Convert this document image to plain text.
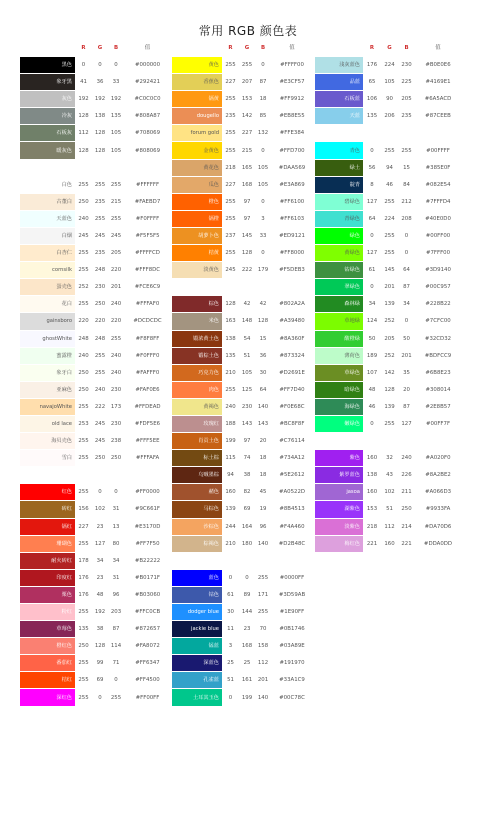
常用 RGB 颜色表
	R	G	B	值
黑色	0	0	0	#000000
象牙黑	41	36	33	#292421
灰色	192	192	192	#C0C0C0
冷灰	128	138	135	#808A87
石板灰	112	128	105	#708069
暖灰色	128	128	105	#808069

白色	255	255	255	#FFFFFF
古董白	250	235	215	#FAEBD7
天蓝色	240	255	255	#F0FFFF
白烟	245	245	245	#F5F5F5
白杏仁	255	235	205	#FFFFCD
cornsilk	255	248	220	#FFF8DC
蛋壳色	252	230	201	#FCE6C9
花白	255	250	240	#FFFAF0
gainsboro	220	220	220	#DCDCDC
ghostWhite	248	248	255	#F8F8FF
蜜露橙	240	255	240	#F0FFF0
象牙白	250	255	240	#FAFFF0
亚麻色	250	240	230	#FAF0E6
navajoWhite	255	222	173	#FFDEAD
old lace	253	245	230	#FDF5E6
海贝壳色	255	245	238	#FFF5EE
雪白	255	250	250	#FFFAFA

红色	255	0	0	#FF0000
砖红	156	102	31	#9C661F
镉红	227	23	13	#E3170D
珊瑚色	255	127	80	#FF7F50
耐火砖红	178	34	34	#B22222
印度红	176	23	31	#B0171F
栗色	176	48	96	#B03060
粉红	255	192	203	#FFC0CB
草莓色	135	38	87	#872657
橙红色	250	128	114	#FA8072
番茄红	255	99	71	#FF6347
桔红	255	69	0	#FF4500
深红色	255	0	255	#FF00FF
	R	G	B	值
黄色	255	255	0	#FFFF00
香蕉色	227	207	87	#E3CF57
镉黄	255	153	18	#FF9912
dougello	235	142	85	#EB8E55
forum gold	255	227	132	#FFE384
金黄色	255	215	0	#FFD700
黄花色	218	165	105	#DAA569
瓜色	227	168	105	#E3A869
橙色	255	97	0	#FF6100
镉橙	255	97	3	#FF6103
胡萝卜色	237	145	33	#ED9121
桔黄	255	128	0	#FF8000
淡黄色	245	222	179	#F5DEB3

棕色	128	42	42	#802A2A
米色	163	148	128	#A39480
锻浓黄土色	138	54	15	#8A360F
锻棕土色	135	51	36	#873324
巧克力色	210	105	30	#D2691E
肉色	255	125	64	#FF7D40
黄褐色	240	230	140	#F0E68C
玫瑰红	188	143	143	#BC8F8F
肖贡土色	199	97	20	#C76114
标土棕	115	74	18	#734A12
乌贼墨棕	94	38	18	#5E2612
赭色	160	82	45	#A0522D
马棕色	139	69	19	#8B4513
沙棕色	244	164	96	#F4A460
棕褐色	210	180	140	#D2B48C

蓝色	0	0	255	#0000FF
钴色	61	89	171	#3D59AB
dodger blue	30	144	255	#1E90FF
jackie blue	11	23	70	#0B1746
锰蓝	3	168	158	#03A89E
深蓝色	25	25	112	#191970
孔雀蓝	51	161	201	#33A1C9
土耳其玉色	0	199	140	#00C78C
	R	G	B	值
浅灰蓝色	176	224	230	#B0E0E6
品蓝	65	105	225	#4169E1
石板蓝	106	90	205	#6A5ACD
天蓝	135	206	235	#87CEEB

青色	0	255	255	#00FFFF
绿土	56	94	15	#385E0F
靛青	8	46	84	#082E54
碧绿色	127	255	212	#7FFFD4
青绿色	64	224	208	#40E0D0
绿色	0	255	0	#00FF00
黄绿色	127	255	0	#7FFF00
钴绿色	61	145	64	#3D9140
翠绿色	0	201	87	#00C957
森林绿	34	139	34	#228B22
草地绿	124	252	0	#7CFC00
酸橙绿	50	205	50	#32CD32
薄荷色	189	252	201	#BDFCC9
草绿色	107	142	35	#6B8E23
暗绿色	48	128	20	#308014
海绿色	46	139	87	#2E8B57
嫩绿色	0	255	127	#00FF7F

紫色	160	32	240	#A020F0
紫罗蓝色	138	43	226	#8A2BE2
jasoa	160	102	211	#A066D3
湖紫色	153	51	250	#9933FA
淡紫色	218	112	214	#DA70D6
梅红色	221	160	221	#DDA0DD
